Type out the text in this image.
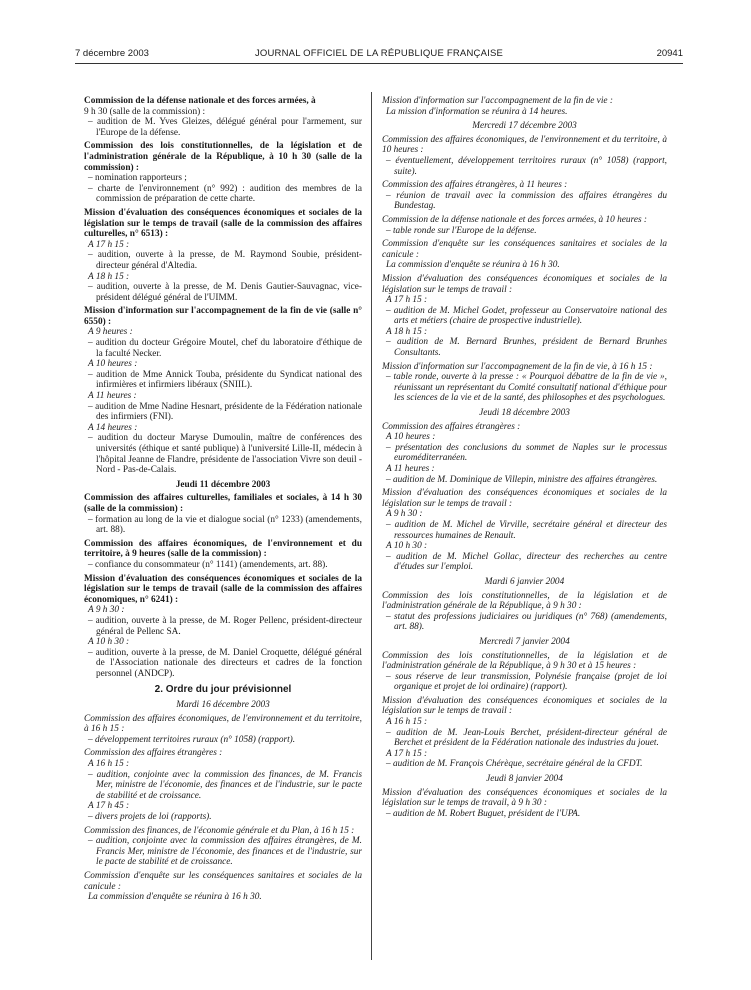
7 décembre 2003	JOURNAL OFFICIEL DE LA RÉPUBLIQUE FRANÇAISE	20941

Commission de la défense nationale et des forces armées, à

9 h 30 (salle de la commission) :

– audition de M. Yves Gleizes, délégué général pour l'armement, sur l'Europe de la défense.

Commission des lois constitutionnelles, de la législation et de l'administration générale de la République, à 10 h 30 (salle de la commission) :

– nomination rapporteurs ;

– charte de l'environnement (n° 992) : audition des membres de la commission de préparation de cette charte.

Mission d'évaluation des conséquences économiques et sociales de la législation sur le temps de travail (salle de la commission des affaires culturelles, n° 6513) :

A 17 h 15 :

– audition, ouverte à la presse, de M. Raymond Soubie, président-directeur général d'Altedia.

A 18 h 15 :

– audition, ouverte à la presse, de M. Denis Gautier-Sauvagnac, vice-président délégué général de l'UIMM.

Mission d'information sur l'accompagnement de la fin de vie (salle n° 6550) :

A 9 heures :

– audition du docteur Grégoire Moutel, chef du laboratoire d'éthique de la faculté Necker.

A 10 heures :

– audition de Mme Annick Touba, présidente du Syndicat national des infirmières et infirmiers libéraux (SNIIL).

A 11 heures :

– audition de Mme Nadine Hesnart, présidente de la Fédération nationale des infirmiers (FNI).

A 14 heures :

– audition du docteur Maryse Dumoulin, maître de conférences des universités (éthique et santé publique) à l'université Lille-II, médecin à l'hôpital Jeanne de Flandre, présidente de l'association Vivre son deuil - Nord - Pas-de-Calais.

Jeudi 11 décembre 2003

Commission des affaires culturelles, familiales et sociales, à 14 h 30 (salle de la commission) :

– formation au long de la vie et dialogue social (n° 1233) (amendements, art. 88).

Commission des affaires économiques, de l'environnement et du territoire, à 9 heures (salle de la commission) :

– confiance du consommateur (n° 1141) (amendements, art. 88).

Mission d'évaluation des conséquences économiques et sociales de la législation sur le temps de travail (salle de la commission des affaires économiques, n° 6241) :

A 9 h 30 :

– audition, ouverte à la presse, de M. Roger Pellenc, président-directeur général de Pellenc SA.

A 10 h 30 :

– audition, ouverte à la presse, de M. Daniel Croquette, délégué général de l'Association nationale des directeurs et cadres de la fonction personnel (ANDCP).

2. Ordre du jour prévisionnel

Mardi 16 décembre 2003

Commission des affaires économiques, de l'environnement et du territoire, à 16 h 15 :

– développement territoires ruraux (n° 1058) (rapport).

Commission des affaires étrangères :

A 16 h 15 :

– audition, conjointe avec la commission des finances, de M. Francis Mer, ministre de l'économie, des finances et de l'industrie, sur le pacte de stabilité et de croissance.

A 17 h 45 :

– divers projets de loi (rapports).

Commission des finances, de l'économie générale et du Plan, à 16 h 15 :

– audition, conjointe avec la commission des affaires étrangères, de M. Francis Mer, ministre de l'économie, des finances et de l'industrie, sur le pacte de stabilité et de croissance.

Commission d'enquête sur les conséquences sanitaires et sociales de la canicule :

La commission d'enquête se réunira à 16 h 30.

Mission d'information sur l'accompagnement de la fin de vie :

La mission d'information se réunira à 14 heures.

Mercredi 17 décembre 2003

Commission des affaires économiques, de l'environnement et du territoire, à 10 heures :

– éventuellement, développement territoires ruraux (n° 1058) (rapport, suite).

Commission des affaires étrangères, à 11 heures :

– réunion de travail avec la commission des affaires étrangères du Bundestag.

Commission de la défense nationale et des forces armées, à 10 heures :

– table ronde sur l'Europe de la défense.

Commission d'enquête sur les conséquences sanitaires et sociales de la canicule :

La commission d'enquête se réunira à 16 h 30.

Mission d'évaluation des conséquences économiques et sociales de la législation sur le temps de travail :

A 17 h 15 :

– audition de M. Michel Godet, professeur au Conservatoire national des arts et métiers (chaire de prospective industrielle).

A 18 h 15 :

– audition de M. Bernard Brunhes, président de Bernard Brunhes Consultants.

Mission d'information sur l'accompagnement de la fin de vie, à 16 h 15 :

– table ronde, ouverte à la presse : « Pourquoi débattre de la fin de vie », réunissant un représentant du Comité consultatif national d'éthique pour les sciences de la vie et de la santé, des philosophes et des psychologues.

Jeudi 18 décembre 2003

Commission des affaires étrangères :

A 10 heures :

– présentation des conclusions du sommet de Naples sur le processus euroméditerranéen.

A 11 heures :

– audition de M. Dominique de Villepin, ministre des affaires étrangères.

Mission d'évaluation des conséquences économiques et sociales de la législation sur le temps de travail :

A 9 h 30 :

– audition de M. Michel de Virville, secrétaire général et directeur des ressources humaines de Renault.

A 10 h 30 :

– audition de M. Michel Gollac, directeur des recherches au centre d'études sur l'emploi.

Mardi 6 janvier 2004

Commission des lois constitutionnelles, de la législation et de l'administration générale de la République, à 9 h 30 :

– statut des professions judiciaires ou juridiques (n° 768) (amendements, art. 88).

Mercredi 7 janvier 2004

Commission des lois constitutionnelles, de la législation et de l'administration générale de la République, à 9 h 30 et à 15 heures :

– sous réserve de leur transmission, Polynésie française (projet de loi organique et projet de loi ordinaire) (rapport).

Mission d'évaluation des conséquences économiques et sociales de la législation sur le temps de travail :

A 16 h 15 :

– audition de M. Jean-Louis Berchet, président-directeur général de Berchet et président de la Fédération nationale des industries du jouet.

A 17 h 15 :

– audition de M. François Chérèque, secrétaire général de la CFDT.

Jeudi 8 janvier 2004

Mission d'évaluation des conséquences économiques et sociales de la législation sur le temps de travail, à 9 h 30 :

– audition de M. Robert Buguet, président de l'UPA.
